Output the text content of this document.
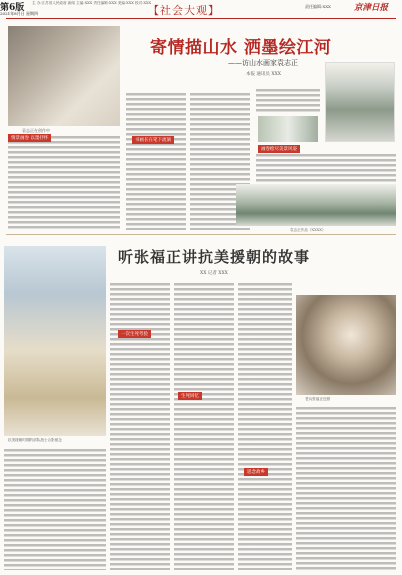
第6版 主 办:江苏省人民政府 新闻 主编:XXX 责任编辑:XXX 美编:XXX 校对:XXX
2021年8月日 星期四	【社会大观】	责任编辑:XXX	京津日报
袁志正在创作中
寄情描山水 洒墨绘江河
——访山水画家袁志正
本报 通讯员 XXX
情景画卷 以墨抒怀	书画长在笔下流淌
画卷绘尽美景风姿
袁志正作品《XXXX》
抗美援朝时期的部队战士合影留念
听张福正讲抗美援朝的故事
XX 记者 XXX
一次生死考验
生死回忆
思念故乡
老兵张福正近照
